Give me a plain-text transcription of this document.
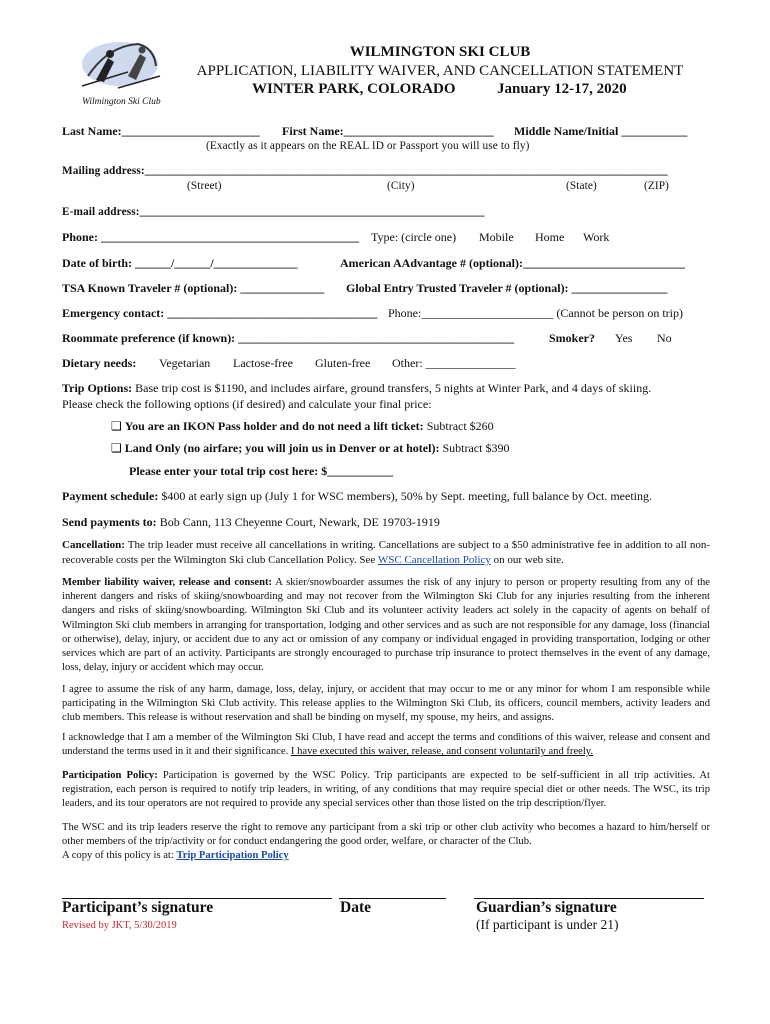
Wilmington Ski Club
WILMINGTON SKI CLUB
APPLICATION, LIABILITY WAIVER, AND CANCELLATION STATEMENT
WINTER PARK, COLORADO	January 12-17, 2020
Last Name:_______________________ First Name:_________________________ Middle Name/Initial ___________
(Exactly as it appears on the REAL ID or Passport you will use to fly)
Mailing address:___________________________________________________________________________________________
(Street)	(City)	(State)	(ZIP)
E-mail address:____________________________________________________________
Phone: ___________________________________________ Type: (circle one) Mobile Home Work
Date of birth: ______/______/______________	American AAdvantage # (optional):___________________________
TSA Known Traveler # (optional): ______________ Global Entry Trusted Traveler # (optional): ________________
Emergency contact: ___________________________________ Phone:______________________ (Cannot be person on trip)
Roommate preference (if known): ______________________________________________	Smoker? Yes No
Dietary needs: Vegetarian Lactose-free Gluten-free Other: _______________
Trip Options: Base trip cost is $1190, and includes airfare, ground transfers, 5 nights at Winter Park, and 4 days of skiing.
Please check the following options (if desired) and calculate your final price:
❏ You are an IKON Pass holder and do not need a lift ticket: Subtract $260
❏ Land Only (no airfare; you will join us in Denver or at hotel): Subtract $390
Please enter your total trip cost here: $___________
Payment schedule: $400 at early sign up (July 1 for WSC members), 50% by Sept. meeting, full balance by Oct. meeting.
Send payments to: Bob Cann, 113 Cheyenne Court, Newark, DE 19703-1919
Cancellation: The trip leader must receive all cancellations in writing. Cancellations are subject to a $50 administrative fee in addition to all non-recoverable costs per the Wilmington Ski club Cancellation Policy. See WSC Cancellation Policy on our web site.
Member liability waiver, release and consent: A skier/snowboarder assumes the risk of any injury to person or property resulting from any of the inherent dangers and risks of skiing/snowboarding and may not recover from the Wilmington Ski Club for any injuries resulting from the inherent dangers and risks of skiing/snowboarding. Wilmington Ski Club and its volunteer activity leaders act solely in the capacity of agents on behalf of Wilmington Ski club members in arranging for transportation, lodging and other services and as such are not responsible for any damage, loss (financial or otherwise), delay, injury, or accident due to any act or omission of any company or individual engaged in providing transportation, lodging or other services which are part of an activity. Participants are strongly encouraged to purchase trip insurance to protect themselves in the event of any damage, loss, delay, injury or accident which may occur.
I agree to assume the risk of any harm, damage, loss, delay, injury, or accident that may occur to me or any minor for whom I am responsible while participating in the Wilmington Ski Club activity. This release applies to the Wilmington Ski Club, its officers, council members, activity leaders and club members. This release is without reservation and shall be binding on myself, my spouse, my heirs, and assigns.
I acknowledge that I am a member of the Wilmington Ski Club, I have read and accept the terms and conditions of this waiver, release and consent and understand the terms used in it and their significance. I have executed this waiver, release, and consent voluntarily and freely.
Participation Policy: Participation is governed by the WSC Policy. Trip participants are expected to be self-sufficient in all trip activities. At registration, each person is required to notify trip leaders, in writing, of any conditions that may require special diet or other needs. The WSC, its trip leaders, and its tour operators are not required to provide any special services other than those listed on the trip description/flyer.

The WSC and its trip leaders reserve the right to remove any participant from a ski trip or other club activity who becomes a hazard to him/herself or other members of the trip/activity or for conduct endangering the good order, welfare, or character of the Club.

A copy of this policy is at: Trip Participation Policy

Participant’s signature	Date	Guardian’s signature
(If participant is under 21)
Revised by JKT, 5/30/2019
